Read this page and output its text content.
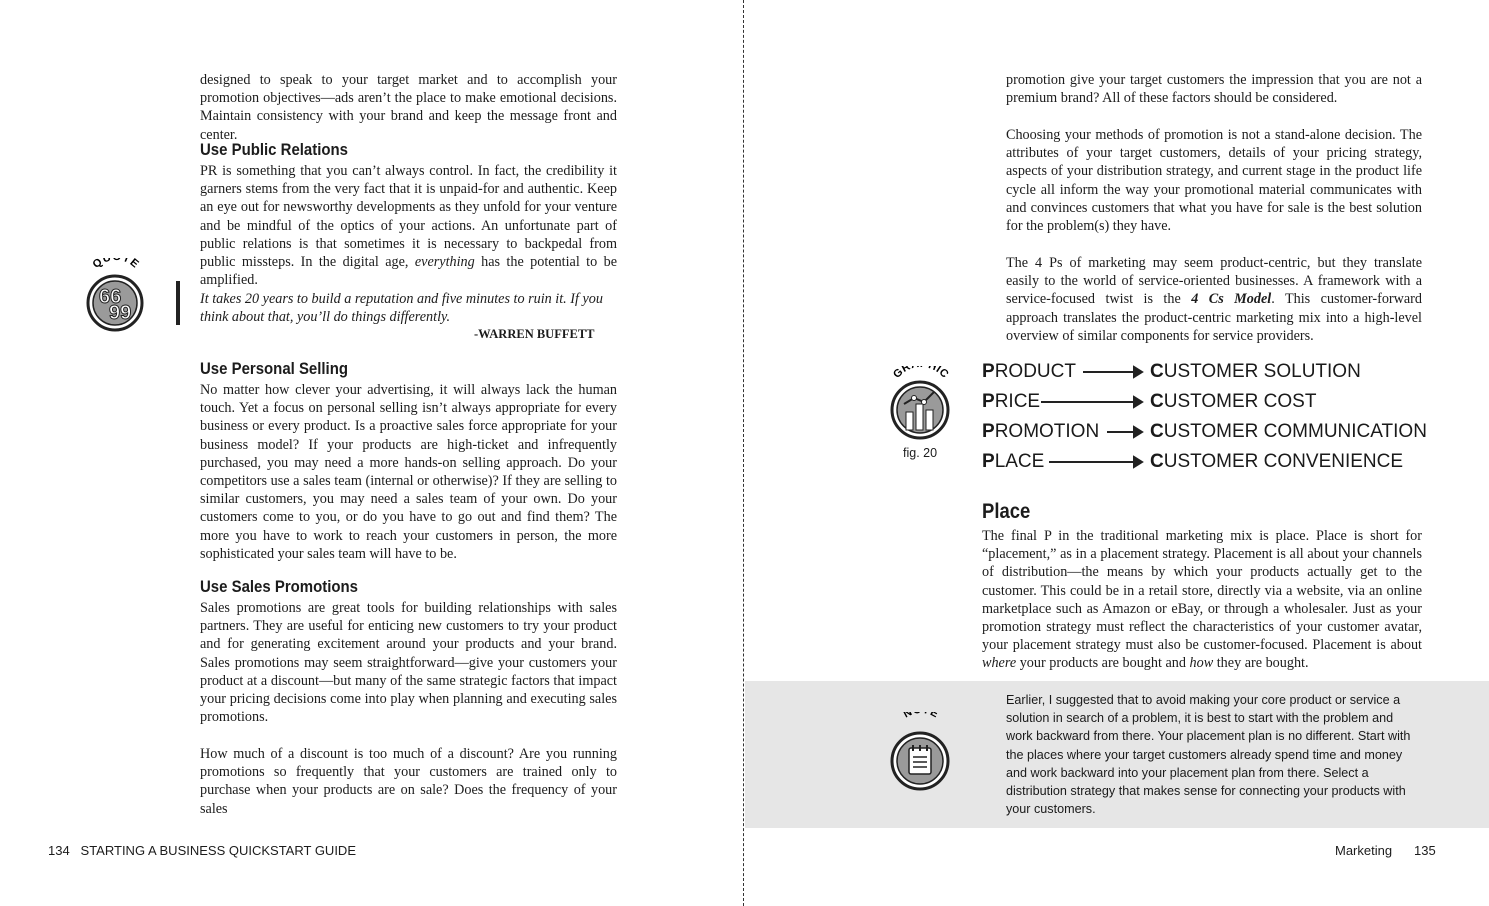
designed to speak to your target market and to accomplish your promotion objectives—ads aren’t the place to make emotional decisions. Maintain consistency with your brand and keep the message front and center.

Use Public Relations

PR is something that you can’t always control. In fact, the credibility it garners stems from the very fact that it is unpaid-for and authentic. Keep an eye out for newsworthy developments as they unfold for your venture and be mindful of the optics of your actions. An unfortunate part of public relations is that sometimes it is necessary to backpedal from public missteps. In the digital age, everything has the potential to be amplified.

QU TE
66
99

It takes 20 years to build a reputation and five minutes to ruin it. If you think about that, you’ll do things differently.

-WARREN BUFFETT

Use Personal Selling

No matter how clever your advertising, it will always lack the human touch. Yet a focus on personal selling isn’t always appropriate for every business or every product. Is a proactive sales force appropriate for your business model? If your products are high-ticket and infrequently purchased, you may need a more hands-on selling approach. Do your competitors use a sales team (internal or otherwise)? If they are selling to similar customers, you may need a sales team of your own. Do your customers come to you, or do you have to go out and find them? The more you have to work to reach your customers in person, the more sophisticated your sales team will have to be.

Use Sales Promotions

Sales promotions are great tools for building relationships with sales partners. They are useful for enticing new customers to try your product and for generating excitement around your products and your brand. Sales promotions may seem straightforward—give your customers your product at a discount—but many of the same strategic factors that impact your pricing decisions come into play when planning and executing sales promotions.

How much of a discount is too much of a discount? Are you running promotions so frequently that your customers are trained only to purchase when your products are on sale? Does the frequency of your sales

134   STARTING A BUSINESS QUICKSTART GUIDE

promotion give your target customers the impression that you are not a premium brand? All of these factors should be considered.

Choosing your methods of promotion is not a stand-alone decision. The attributes of your target customers, details of your pricing strategy, aspects of your distribution strategy, and current stage in the product life cycle all inform the way your promotional material communicates with and convinces customers that what you have for sale is the best solution for the problem(s) they have.

The 4 Ps of marketing may seem product-centric, but they translate easily to the world of service-oriented businesses. A framework with a service-focused twist is the 4 Cs Model. This customer-forward approach translates the product-centric marketing mix into a high-level overview of similar components for service providers.

GR HIC

fig. 20

PRODUCT
PRICE
PROMOTION
PLACE
CUSTOMER SOLUTION
CUSTOMER COST
CUSTOMER COMMUNICATION
CUSTOMER CONVENIENCE
Place

The final P in the traditional marketing mix is place. Place is short for “placement,” as in a placement strategy. Placement is all about your channels of distribution—the means by which your products actually get to the customer. This could be in a retail store, directly via a website, via an online marketplace such as Amazon or eBay, or through a wholesaler. Just as your promotion strategy must reflect the characteristics of your customer avatar, your placement strategy must also be customer-focused. Placement is about where your products are bought and how they are bought.

N E

Earlier, I suggested that to avoid making your core product or service a solution in search of a problem, it is best to start with the problem and work backward from there. Your placement plan is no different. Start with the places where your target customers already spend time and money and work backward into your placement plan from there. Select a distribution strategy that makes sense for connecting your products with your customers.

Marketing 135
